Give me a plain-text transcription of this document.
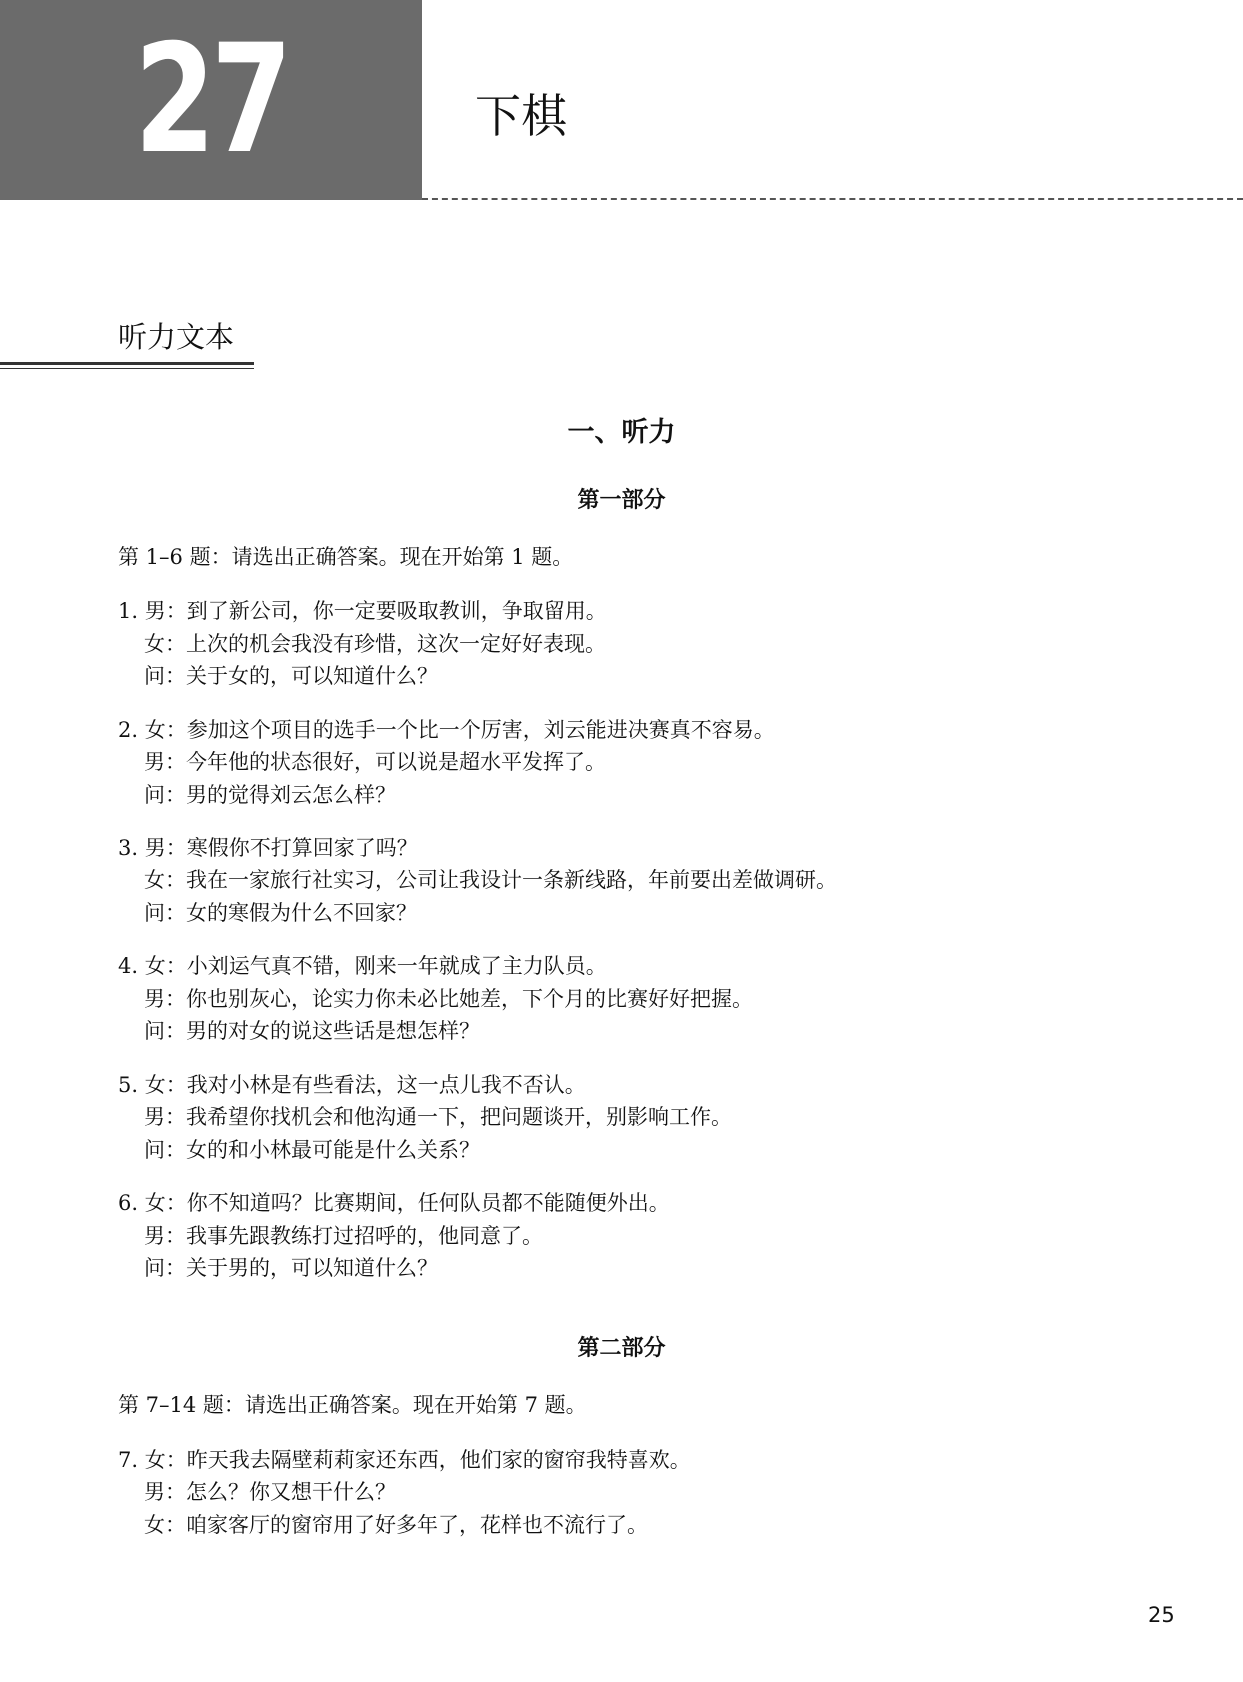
27	下棋
听力文本
一、听力
第一部分
第 1–6 题：请选出正确答案。现在开始第 1 题。
1. 男：到了新公司，你一定要吸取教训，争取留用。
女：上次的机会我没有珍惜，这次一定好好表现。
问：关于女的，可以知道什么？
2. 女：参加这个项目的选手一个比一个厉害，刘云能进决赛真不容易。
男：今年他的状态很好，可以说是超水平发挥了。
问：男的觉得刘云怎么样？
3. 男：寒假你不打算回家了吗？
女：我在一家旅行社实习，公司让我设计一条新线路，年前要出差做调研。
问：女的寒假为什么不回家？
4. 女：小刘运气真不错，刚来一年就成了主力队员。
男：你也别灰心，论实力你未必比她差，下个月的比赛好好把握。
问：男的对女的说这些话是想怎样？
5. 女：我对小林是有些看法，这一点儿我不否认。
男：我希望你找机会和他沟通一下，把问题谈开，别影响工作。
问：女的和小林最可能是什么关系？
6. 女：你不知道吗？比赛期间，任何队员都不能随便外出。
男：我事先跟教练打过招呼的，他同意了。
问：关于男的，可以知道什么？
第二部分
第 7–14 题：请选出正确答案。现在开始第 7 题。
7. 女：昨天我去隔壁莉莉家还东西，他们家的窗帘我特喜欢。
男：怎么？你又想干什么？
女：咱家客厅的窗帘用了好多年了，花样也不流行了。
25
